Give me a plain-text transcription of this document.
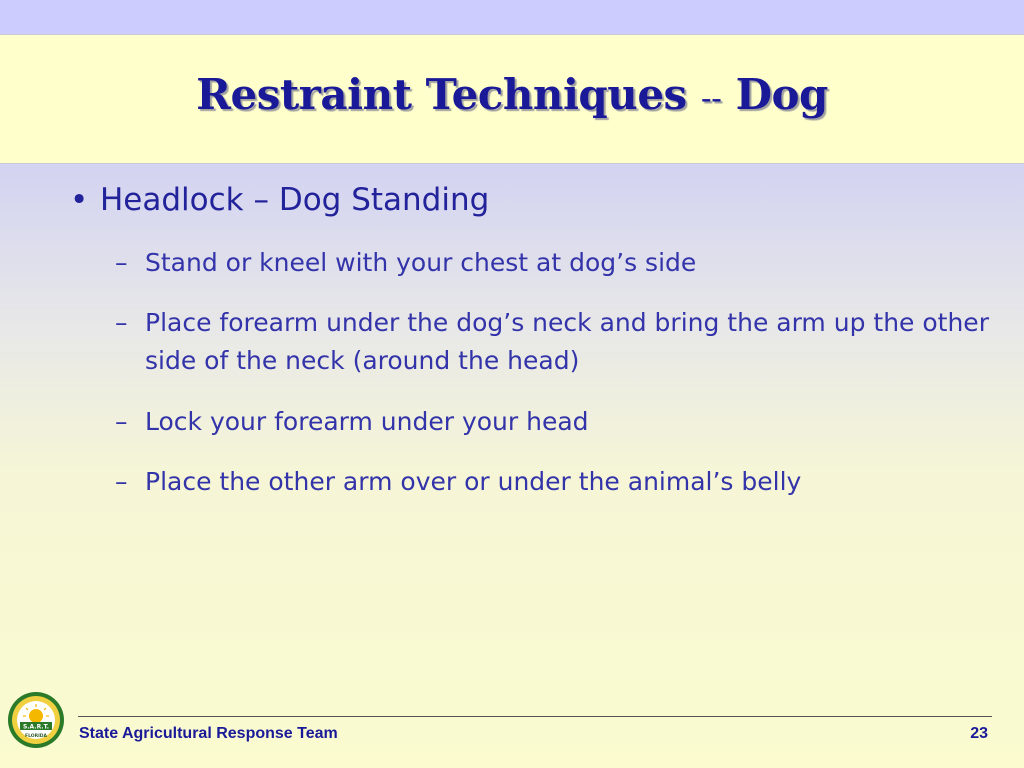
Restraint Techniques -- Dog
• Headlock – Dog Standing
– Stand or kneel with your chest at dog’s side
– Place forearm under the dog’s neck and bring the arm up the other side of the neck (around the head)
– Lock your forearm under your head
– Place the other arm over or under the animal’s belly
S.A.R.T.
FLORIDA State Agricultural Response Team	23
